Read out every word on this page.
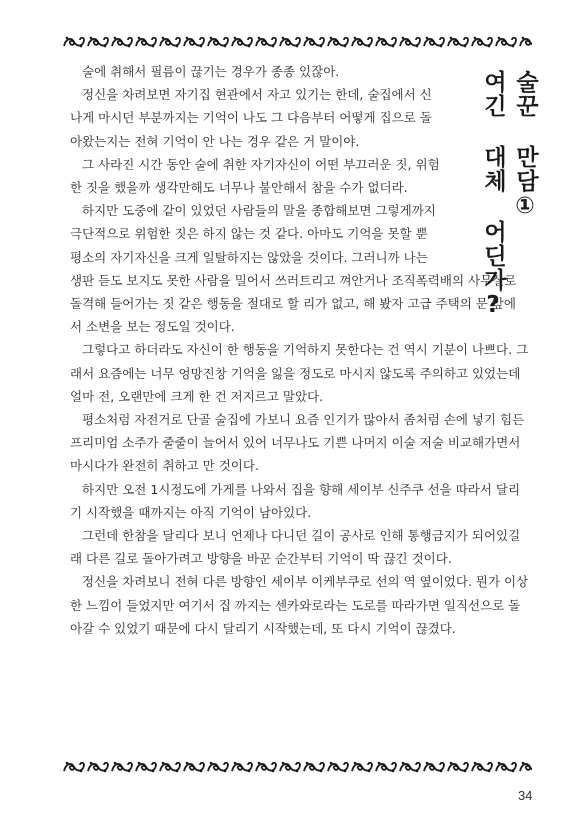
술꾼 만담①
여긴 대체 어딘가?
술에 취해서 필름이 끊기는 경우가 종종 있잖아.
정신을 차려보면 자기집 현관에서 자고 있기는 한데, 술집에서 신
나게 마시던 부분까지는 기억이 나도 그 다음부터 어떻게 집으로 돌
아왔는지는 전혀 기억이 안 나는 경우 같은 거 말이야.
그 사라진 시간 동안 술에 취한 자기자신이 어떤 부끄러운 짓, 위험
한 짓을 했을까 생각만해도 너무나 불안해서 참을 수가 없더라.
하지만 도중에 같이 있었던 사람들의 말을 종합해보면 그렇게까지
극단적으로 위험한 짓은 하지 않는 것 같다. 아마도 기억을 못할 뿐
평소의 자기자신을 크게 일탈하지는 않았을 것이다. 그러니까 나는
생판 듣도 보지도 못한 사람을 밀어서 쓰러트리고 껴안거나 조직폭력배의 사무실로
돌격해 들어가는 짓 같은 행동을 절대로 할 리가 없고, 해 봤자 고급 주택의 문 앞에
서 소변을 보는 정도일 것이다.
그렇다고 하더라도 자신이 한 행동을 기억하지 못한다는 건 역시 기분이 나쁘다. 그
래서 요즘에는 너무 엉망진창 기억을 잃을 정도로 마시지 않도록 주의하고 있었는데
얼마 전, 오랜만에 크게 한 건 저지르고 말았다.
평소처럼 자전거로 단골 술집에 가보니 요즘 인기가 많아서 좀처럼 손에 넣기 힘든
프리미엄 소주가 줄줄이 늘어서 있어 너무나도 기쁜 나머지 이술 저술 비교해가면서
마시다가 완전히 취하고 만 것이다.
하지만 오전 1시정도에 가게를 나와서 집을 향해 세이부 신주쿠 선을 따라서 달리
기 시작했을 때까지는 아직 기억이 남아있다.
그런데 한참을 달리다 보니 언제나 다니던 길이 공사로 인해 통행금지가 되어있길
래 다른 길로 돌아가려고 방향을 바꾼 순간부터 기억이 딱 끊긴 것이다.
정신을 차려보니 전혀 다른 방향인 세이부 이케부쿠로 선의 역 옆이었다. 뭔가 이상
한 느낌이 들었지만 여기서 집 까지는 센카와로라는 도로를 따라가면 일직선으로 돌
아갈 수 있었기 때문에 다시 달리기 시작했는데, 또 다시 기억이 끊겼다.
34
